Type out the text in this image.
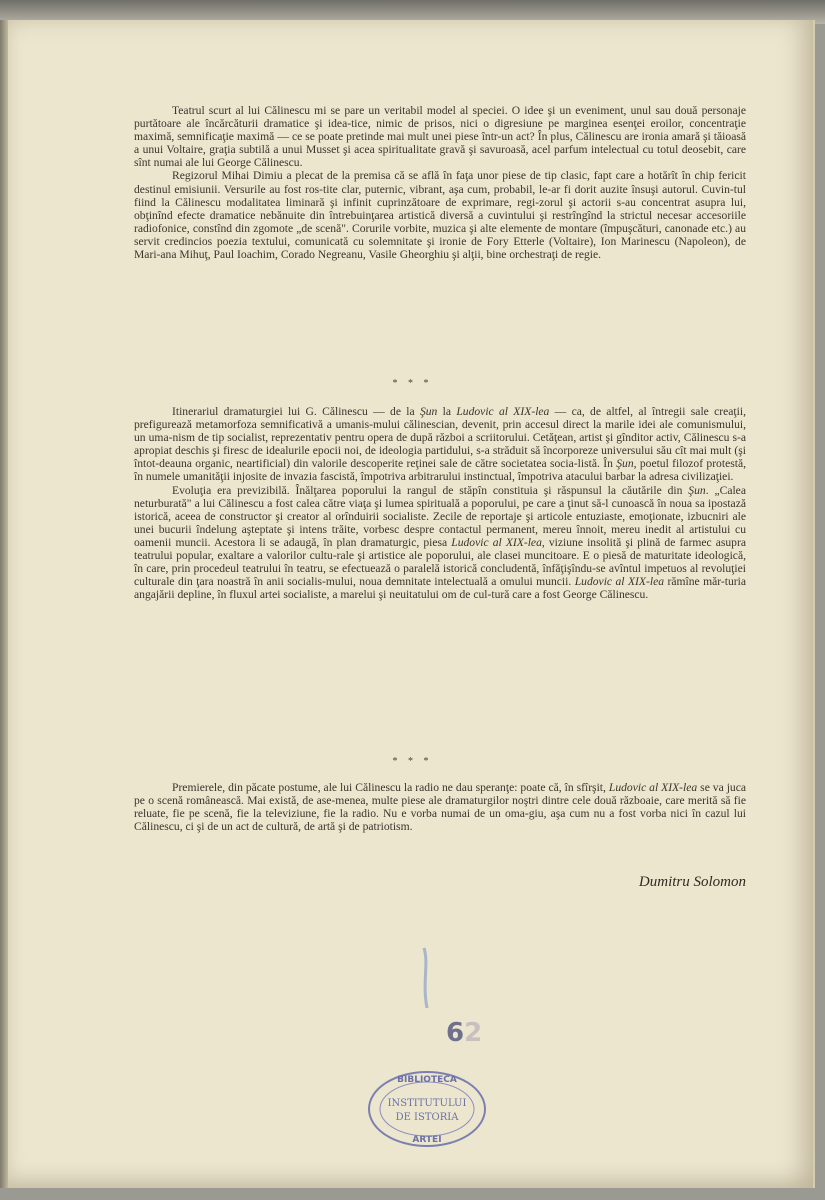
Teatrul scurt al lui Călinescu mi se pare un veritabil model al speciei. O idee şi un eveniment, unul sau două personaje purtătoare ale încărcăturii dramatice şi idea-tice, nimic de prisos, nici o digresiune pe marginea esenţei eroilor, concentraţie maximă, semnificaţie maximă — ce se poate pretinde mai mult unei piese într-un act? În plus, Călinescu are ironia amară şi tăioasă a unui Voltaire, graţia subtilă a unui Musset şi acea spiritualitate gravă şi savuroasă, acel parfum intelectual cu totul deosebit, care sînt numai ale lui George Călinescu.

Regizorul Mihai Dimiu a plecat de la premisa că se află în faţa unor piese de tip clasic, fapt care a hotărît în chip fericit destinul emisiunii. Versurile au fost ros-tite clar, puternic, vibrant, aşa cum, probabil, le-ar fi dorit auzite însuşi autorul. Cuvin-tul fiind la Călinescu modalitatea liminară şi infinit cuprinzătoare de exprimare, regi-zorul şi actorii s-au concentrat asupra lui, obţinînd efecte dramatice nebănuite din întrebuinţarea artistică diversă a cuvintului şi restrîngînd la strictul necesar accesoriile radiofonice, constînd din zgomote „de scenă". Corurile vorbite, muzica şi alte elemente de montare (împuşcături, canonade etc.) au servit credincios poezia textului, comunicată cu solemnitate şi ironie de Fory Etterle (Voltaire), Ion Marinescu (Napoleon), de Mari-ana Mihuţ, Paul Ioachim, Corado Negreanu, Vasile Gheorghiu şi alţii, bine orchestraţi de regie.

* * *

Itinerariul dramaturgiei lui G. Călinescu — de la Şun la Ludovic al XIX-lea — ca, de altfel, al întregii sale creaţii, prefigurează metamorfoza semnificativă a umanis-mului călinescian, devenit, prin accesul direct la marile idei ale comunismului, un uma-nism de tip socialist, reprezentativ pentru opera de după război a scriitorului. Cetăţean, artist şi gînditor activ, Călinescu s-a apropiat deschis şi firesc de idealurile epocii noi, de ideologia partidului, s-a străduit să încorporeze universului său cît mai mult (şi întot-deauna organic, neartificial) din valorile descoperite reţinei sale de către societatea socia-listă. În Şun, poetul filozof protestă, în numele umanităţii injosite de invazia fascistă, împotriva arbitrarului instinctual, împotriva atacului barbar la adresa civilizaţiei.

Evoluţia era previzibilă. Înălţarea poporului la rangul de stăpîn constituia şi răspunsul la căutările din Şun. „Calea neturburată" a lui Călinescu a fost calea către viaţa şi lumea spirituală a poporului, pe care a ţinut să-l cunoască în noua sa ipostază istorică, aceea de constructor şi creator al orînduirii socialiste. Zecile de reportaje şi articole entuziaste, emoţionate, izbucniri ale unei bucurii îndelung aşteptate şi intens trăite, vorbesc despre contactul permanent, mereu înnoit, mereu inedit al artistului cu oamenii muncii. Acestora li se adaugă, în plan dramaturgic, piesa Ludovic al XIX-lea, viziune insolită şi plină de farmec asupra teatrului popular, exaltare a valorilor cultu-rale şi artistice ale poporului, ale clasei muncitoare. E o piesă de maturitate ideologică, în care, prin procedeul teatrului în teatru, se efectuează o paralelă istorică concludentă, înfăţişîndu-se avîntul impetuos al revoluţiei culturale din ţara noastră în anii socialis-mului, noua demnitate intelectuală a omului muncii. Ludovic al XIX-lea rămîne măr-turia angajării depline, în fluxul artei socialiste, a marelui şi neuitatului om de cul-tură care a fost George Călinescu.

* * *

Premierele, din păcate postume, ale lui Călinescu la radio ne dau speranţe: poate că, în sfîrşit, Ludovic al XIX-lea se va juca pe o scenă românească. Mai există, de ase-menea, multe piese ale dramaturgilor noştri dintre cele două războaie, care merită să fie reluate, fie pe scenă, fie la televiziune, fie la radio. Nu e vorba numai de un oma-giu, aşa cum nu a fost vorba nici în cazul lui Călinescu, ci şi de un act de cultură, de artă şi de patriotism.

Dumitru Solomon
62
BIBLIOTECA
INSTITUTULUI
DE ISTORIA
ARTEI
